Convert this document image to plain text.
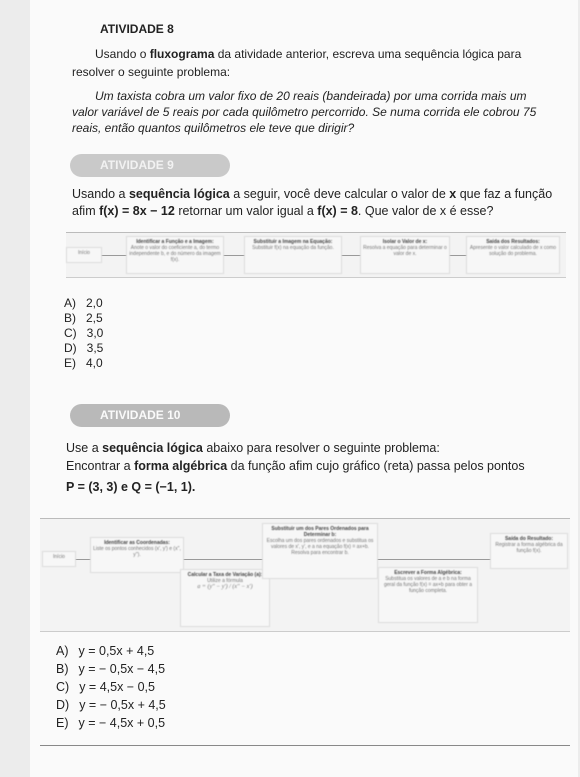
ATIVIDADE 8
Usando o fluxograma da atividade anterior, escreva uma sequência lógica para
resolver o seguinte problema:
Um taxista cobra um valor fixo de 20 reais (bandeirada) por uma corrida mais um
valor variável de 5 reais por cada quilômetro percorrido. Se numa corrida ele cobrou 75
reais, então quantos quilômetros ele teve que dirigir?
ATIVIDADE 9
Usando a sequência lógica a seguir, você deve calcular o valor de x que faz a função
afim f(x) = 8x − 12 retornar um valor igual a f(x) = 8. Que valor de x é esse?
Início
Identificar a Função e a Imagem:
Anote o valor do coeficiente a, do termo independente b, e do número da imagem f(x).
Substituir a Imagem na Equação:
Substituir f(x) na equação da função.
Isolar o Valor de x:
Resolva a equação para determinar o valor de x.
Saída dos Resultados:
Apresente o valor calculado de x como solução do problema.
A) 2,0
B) 2,5
C) 3,0
D) 3,5
E) 4,0
ATIVIDADE 10
Use a sequência lógica abaixo para resolver o seguinte problema:
Encontrar a forma algébrica da função afim cujo gráfico (reta) passa pelos pontos
P = (3, 3) e Q = (−1, 1).
Início
Identificar as Coordenadas:
Liste os pontos conhecidos (x', y') e (x'', y'').
Calcular a Taxa de Variação (a):
Utilize a fórmula
a = (y'' − y') / (x'' − x')
Substituir um dos Pares Ordenados para Determinar b:
Escolha um dos pares ordenados e substitua os valores de x', y', e a na equação f(x) = ax+b. Resolva para encontrar b.
Escrever a Forma Algébrica:
Substitua os valores de a e b na forma geral da função f(x) = ax+b para obter a função completa.
Saída do Resultado:
Registrar a forma algébrica da função f(x).
A) y = 0,5x + 4,5
B) y = − 0,5x − 4,5
C) y = 4,5x − 0,5
D) y = − 0,5x + 4,5
E) y = − 4,5x + 0,5
